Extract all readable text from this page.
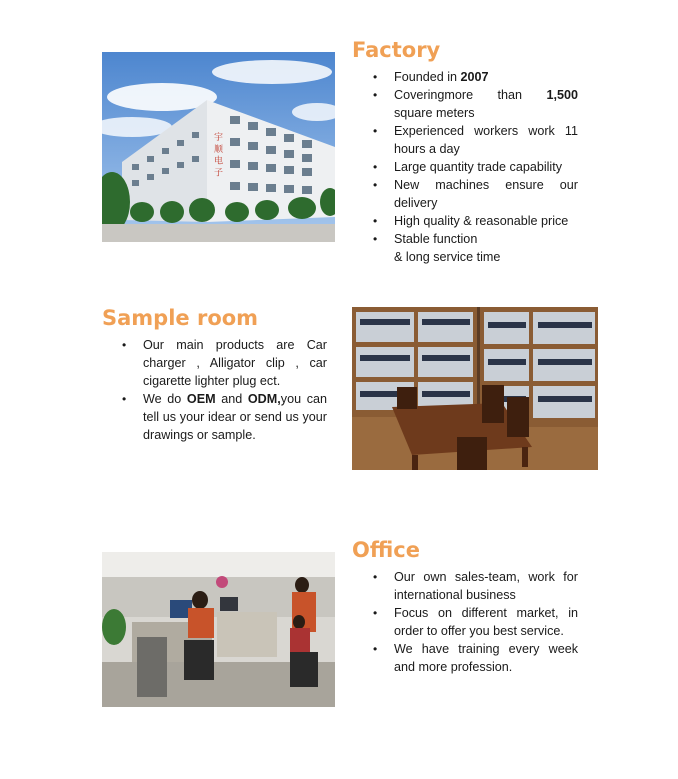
宇 顺 电 子
Factory
• Founded in 2007
• Coveringmore than 1,500 square meters
• Experienced workers work 11 hours a day
• Large quantity trade capability
• New machines ensure our delivery
• High quality & reasonable price
• Stable function
& long service time
Sample room
• Our main products are Car charger , Alligator clip , car cigarette lighter plug ect.
• We do OEM and ODM,you can tell us your idear or send us your drawings or sample.
Office
• Our own sales-team, work for international business
• Focus on different market, in order to offer you best service.
• We have training every week and more profession.
